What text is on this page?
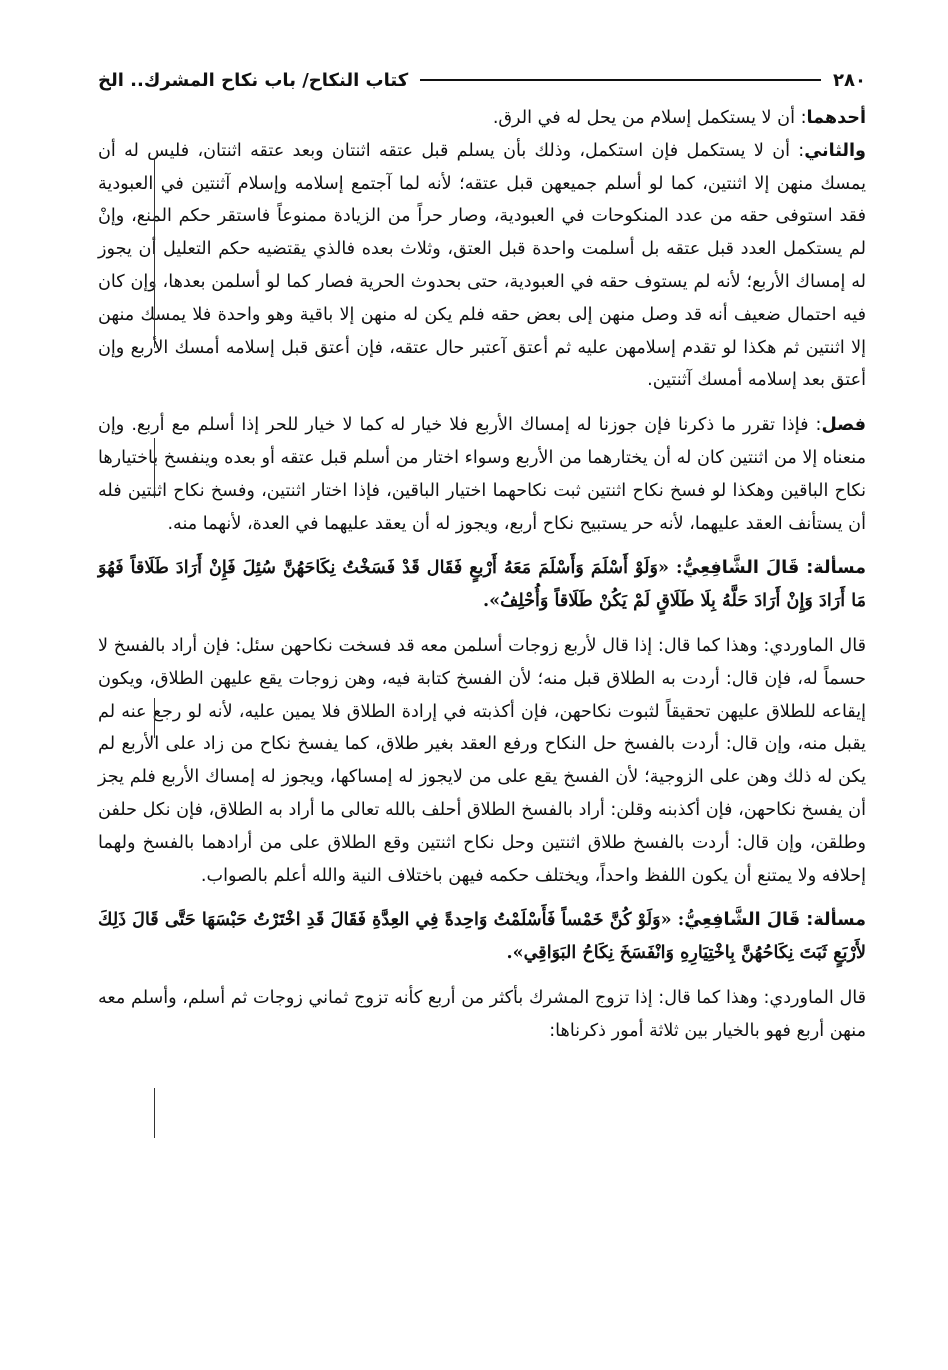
٢٨٠
كتاب النكاح/ باب نكاح المشرك.. الخ

أحدهما: أن لا يستكمل إسلام من يحل له في الرق.

والثاني: أن لا يستكمل فإن استكمل، وذلك بأن يسلم قبل عتقه اثنتان وبعد عتقه اثنتان، فليس له أن يمسك منهن إلا اثنتين، كما لو أسلم جميعهن قبل عتقه؛ لأنه لما آجتمع إسلامه وإسلام آثنتين في العبودية فقد استوفى حقه من عدد المنكوحات في العبودية، وصار حراً من الزيادة ممنوعاً فاستقر حكم المنع، وإنْ لم يستكمل العدد قبل عتقه بل أسلمت واحدة قبل العتق، وثلاث بعده فالذي يقتضيه حكم التعليل أن يجوز له إمساك الأربع؛ لأنه لم يستوف حقه في العبودية، حتى بحدوث الحرية فصار كما لو أسلمن بعدها، وإن كان فيه احتمال ضعيف أنه قد وصل منهن إلى بعض حقه فلم يكن له منهن إلا باقية وهو واحدة فلا يمسك منهن إلا اثنتين ثم هكذا لو تقدم إسلامهن عليه ثم أعتق آعتبر حال عتقه، فإن أعتق قبل إسلامه أمسك الأربع وإن أعتق بعد إسلامه أمسك آثنتين.

فصل: فإذا تقرر ما ذكرنا فإن جوزنا له إمساك الأربع فلا خيار له كما لا خيار للحر إذا أسلم مع أربع. وإن منعناه إلا من اثنتين كان له أن يختارهما من الأربع وسواء اختار من أسلم قبل عتقه أو بعده وينفسخ باختيارها نكاح الباقين وهكذا لو فسخ نكاح اثنتين ثبت نكاحهما اختيار الباقين، فإذا اختار اثنتين، وفسخ نكاح اثنتين فله أن يستأنف العقد عليهما، لأنه حر يستبيح نكاح أربع، ويجوز له أن يعقد عليهما في العدة، لأنهما منه.

مسألة: قَالَ الشَّافِعِيُّ: «وَلَوْ أَسْلَمَ وَأَسْلَمَ مَعَهُ أَرْبعٍ فَقَال قَدْ فَسَخْتُ نِكَاحَهُنَّ سُئِلَ فَإِنْ أَرَادَ طَلَاقاً فَهُوَ مَا أَرَادَ وَإِنْ أَرَادَ حَلَّهُ بِلَا طَلَاقٍ لَمْ يَكُنْ طَلَاقاً وَأُحْلِفُ».

قال الماوردي: وهذا كما قال: إذا قال لأربع زوجات أسلمن معه قد فسخت نكاحهن سئل: فإن أراد بالفسخ لا حسماً له، فإن قال: أردت به الطلاق قبل منه؛ لأن الفسخ كتابة فيه، وهن زوجات يقع عليهن الطلاق، ويكون إيقاعه للطلاق عليهن تحقيقاً لثبوت نكاحهن، فإن أكذبته في إرادة الطلاق فلا يمين عليه، لأنه لو رجع عنه لم يقبل منه، وإن قال: أردت بالفسخ حل النكاح ورفع العقد بغير طلاق، كما يفسخ نكاح من زاد على الأربع لم يكن له ذلك وهن على الزوجية؛ لأن الفسخ يقع على من لايجوز له إمساكها، ويجوز له إمساك الأربع فلم يجز أن يفسخ نكاحهن، فإن أكذبنه وقلن: أراد بالفسخ الطلاق أحلف بالله تعالى ما أراد به الطلاق، فإن نكل حلفن وطلقن، وإن قال: أردت بالفسخ طلاق اثنتين وحل نكاح اثنتين وقع الطلاق على من أرادهما بالفسخ ولهما إحلافه ولا يمتنع أن يكون اللفظ واحداً، ويختلف حكمه فيهن باختلاف النية والله أعلم بالصواب.

مسألة: قَالَ الشَّافِعِيُّ: «وَلَوْ كُنَّ خَمْساً فَأَسْلَمْتُ وَاحِدةً فِي العِدَّةِ فَقَالَ قَدِ اخْتَرْتُ حَبْسَهَا حَتَّى قَالَ ذَلِكَ لأَرْبَعٍ ثَبَتَ نِكَاحُهُنَّ بِاخْتِيَارِهِ وَانْفَسَخَ نِكَاحُ البَوَاقِي».

قال الماوردي: وهذا كما قال: إذا تزوج المشرك بأكثر من أربع كأنه تزوج ثماني زوجات ثم أسلم، وأسلم معه منهن أربع فهو بالخيار بين ثلاثة أمور ذكرناها:
